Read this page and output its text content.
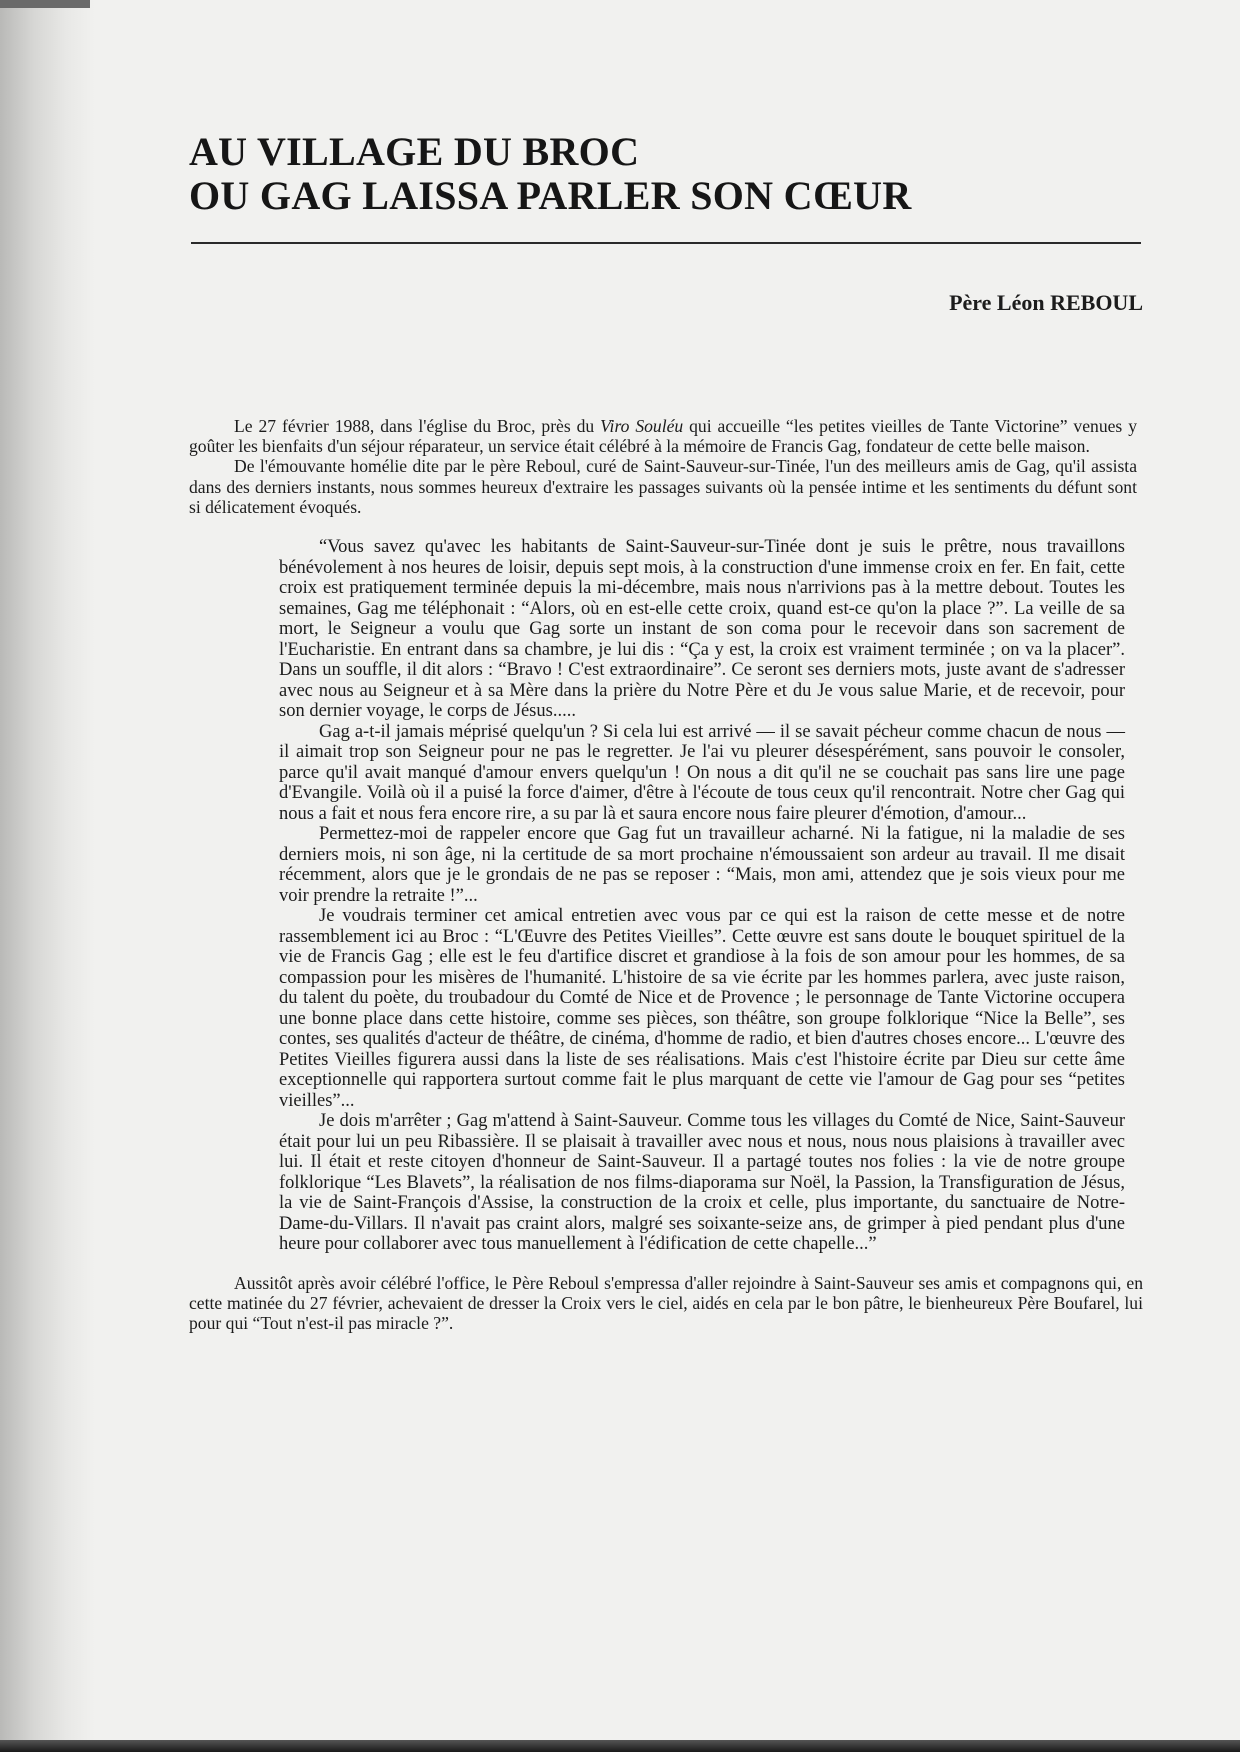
AU VILLAGE DU BROC
OU GAG LAISSA PARLER SON CŒUR
Père Léon REBOUL

Le 27 février 1988, dans l'église du Broc, près du Viro Souléu qui accueille “les petites vieilles de Tante Victorine” venues y goûter les bienfaits d'un séjour réparateur, un service était célébré à la mémoire de Francis Gag, fondateur de cette belle maison.

De l'émouvante homélie dite par le père Reboul, curé de Saint-Sauveur-sur-Tinée, l'un des meilleurs amis de Gag, qu'il assista dans des derniers instants, nous sommes heureux d'extraire les passages suivants où la pensée intime et les sentiments du défunt sont si délicatement évoqués.

“Vous savez qu'avec les habitants de Saint-Sauveur-sur-Tinée dont je suis le prêtre, nous travaillons bénévolement à nos heures de loisir, depuis sept mois, à la construction d'une immense croix en fer. En fait, cette croix est pratiquement terminée depuis la mi-décembre, mais nous n'arrivions pas à la mettre debout. Toutes les semaines, Gag me téléphonait : “Alors, où en est-elle cette croix, quand est-ce qu'on la place ?”. La veille de sa mort, le Seigneur a voulu que Gag sorte un instant de son coma pour le recevoir dans son sacrement de l'Eucharistie. En entrant dans sa chambre, je lui dis : “Ça y est, la croix est vraiment terminée ; on va la placer”. Dans un souffle, il dit alors : “Bravo ! C'est extraordinaire”. Ce seront ses derniers mots, juste avant de s'adresser avec nous au Seigneur et à sa Mère dans la prière du Notre Père et du Je vous salue Marie, et de recevoir, pour son dernier voyage, le corps de Jésus.....

Gag a-t-il jamais méprisé quelqu'un ? Si cela lui est arrivé — il se savait pécheur comme chacun de nous — il aimait trop son Seigneur pour ne pas le regretter. Je l'ai vu pleurer désespérément, sans pouvoir le consoler, parce qu'il avait manqué d'amour envers quelqu'un ! On nous a dit qu'il ne se couchait pas sans lire une page d'Evangile. Voilà où il a puisé la force d'aimer, d'être à l'écoute de tous ceux qu'il rencontrait. Notre cher Gag qui nous a fait et nous fera encore rire, a su par là et saura encore nous faire pleurer d'émotion, d'amour...

Permettez-moi de rappeler encore que Gag fut un travailleur acharné. Ni la fatigue, ni la maladie de ses derniers mois, ni son âge, ni la certitude de sa mort prochaine n'émoussaient son ardeur au travail. Il me disait récemment, alors que je le grondais de ne pas se reposer : “Mais, mon ami, attendez que je sois vieux pour me voir prendre la retraite !”...

Je voudrais terminer cet amical entretien avec vous par ce qui est la raison de cette messe et de notre rassemblement ici au Broc : “L'Œuvre des Petites Vieilles”. Cette œuvre est sans doute le bouquet spirituel de la vie de Francis Gag ; elle est le feu d'artifice discret et grandiose à la fois de son amour pour les hommes, de sa compassion pour les misères de l'humanité. L'histoire de sa vie écrite par les hommes parlera, avec juste raison, du talent du poète, du troubadour du Comté de Nice et de Provence ; le personnage de Tante Victorine occupera une bonne place dans cette histoire, comme ses pièces, son théâtre, son groupe folklorique “Nice la Belle”, ses contes, ses qualités d'acteur de théâtre, de cinéma, d'homme de radio, et bien d'autres choses encore... L'œuvre des Petites Vieilles figurera aussi dans la liste de ses réalisations. Mais c'est l'histoire écrite par Dieu sur cette âme exceptionnelle qui rapportera surtout comme fait le plus marquant de cette vie l'amour de Gag pour ses “petites vieilles”...

Je dois m'arrêter ; Gag m'attend à Saint-Sauveur. Comme tous les villages du Comté de Nice, Saint-Sauveur était pour lui un peu Ribassière. Il se plaisait à travailler avec nous et nous, nous nous plaisions à travailler avec lui. Il était et reste citoyen d'honneur de Saint-Sauveur. Il a partagé toutes nos folies : la vie de notre groupe folklorique “Les Blavets”, la réalisation de nos films-diaporama sur Noël, la Passion, la Transfiguration de Jésus, la vie de Saint-François d'Assise, la construction de la croix et celle, plus importante, du sanctuaire de Notre-Dame-du-Villars. Il n'avait pas craint alors, malgré ses soixante-seize ans, de grimper à pied pendant plus d'une heure pour collaborer avec tous manuellement à l'édification de cette chapelle...”

Aussitôt après avoir célébré l'office, le Père Reboul s'empressa d'aller rejoindre à Saint-Sauveur ses amis et compagnons qui, en cette matinée du 27 février, achevaient de dresser la Croix vers le ciel, aidés en cela par le bon pâtre, le bienheureux Père Boufarel, lui pour qui “Tout n'est-il pas miracle ?”.
